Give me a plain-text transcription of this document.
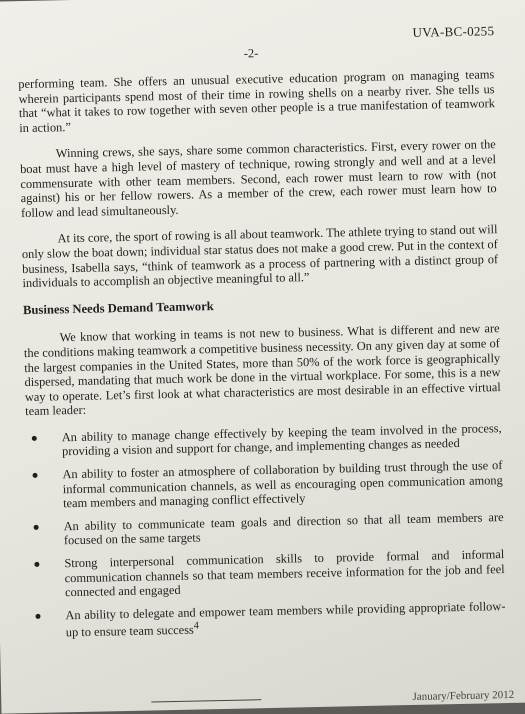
UVA-BC-0255
-2-

performing team. She offers an unusual executive education program on managing teams wherein participants spend most of their time in rowing shells on a nearby river. She tells us that “what it takes to row together with seven other people is a true manifestation of teamwork in action.”

Winning crews, she says, share some common characteristics. First, every rower on the boat must have a high level of mastery of technique, rowing strongly and well and at a level commensurate with other team members. Second, each rower must learn to row with (not against) his or her fellow rowers. As a member of the crew, each rower must learn how to follow and lead simultaneously.

At its core, the sport of rowing is all about teamwork. The athlete trying to stand out will only slow the boat down; individual star status does not make a good crew. Put in the context of business, Isabella says, “think of teamwork as a process of partnering with a distinct group of individuals to accomplish an objective meaningful to all.”

Business Needs Demand Teamwork

We know that working in teams is not new to business. What is different and new are the conditions making teamwork a competitive business necessity. On any given day at some of the largest companies in the United States, more than 50% of the work force is geographically dispersed, mandating that much work be done in the virtual workplace. For some, this is a new way to operate. Let’s first look at what characteristics are most desirable in an effective virtual team leader:

An ability to manage change effectively by keeping the team involved in the process, providing a vision and support for change, and implementing changes as needed
An ability to foster an atmosphere of collaboration by building trust through the use of informal communication channels, as well as encouraging open communication among team members and managing conflict effectively
An ability to communicate team goals and direction so that all team members are focused on the same targets
Strong interpersonal communication skills to provide formal and informal communication channels so that team members receive information for the job and feel connected and engaged
An ability to delegate and empower team members while providing appropriate follow-up to ensure team success$^4$
January/February 2012
